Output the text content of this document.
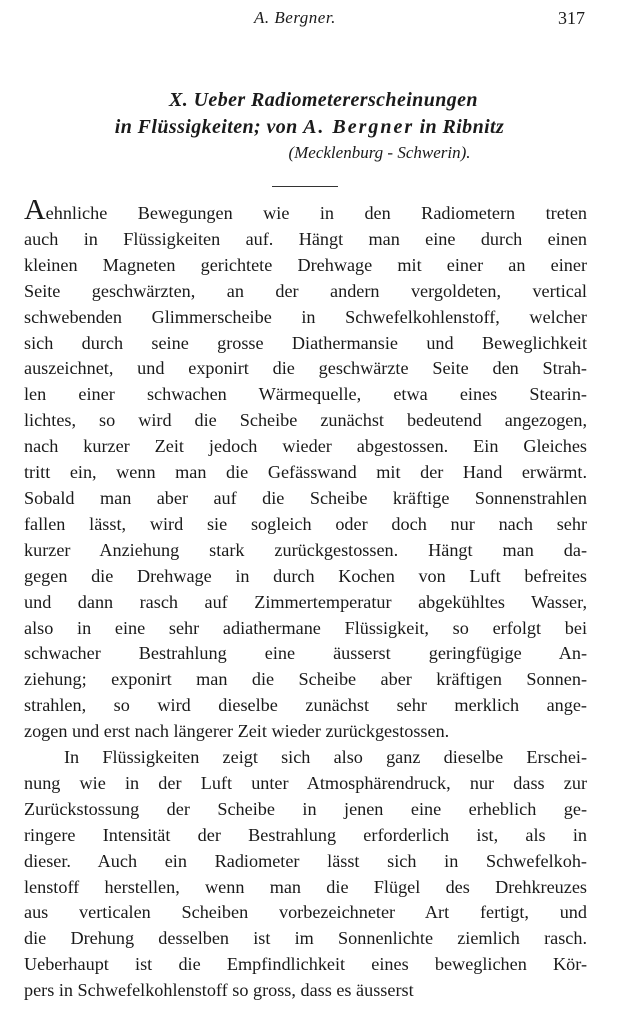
A. Bergner.	317
X. Ueber Radiometererscheinungen
in Flüssigkeiten; von A. Bergner in Ribnitz
(Mecklenburg - Schwerin).

Aehnliche Bewegungen wie in den Radiometern treten
auch in Flüssigkeiten auf. Hängt man eine durch einen
kleinen Magneten gerichtete Drehwage mit einer an einer
Seite geschwärzten, an der andern vergoldeten, vertical
schwebenden Glimmerscheibe in Schwefelkohlenstoff, welcher
sich durch seine grosse Diathermansie und Beweglichkeit
auszeichnet, und exponirt die geschwärzte Seite den Strah-
len einer schwachen Wärmequelle, etwa eines Stearin-
lichtes, so wird die Scheibe zunächst bedeutend angezogen,
nach kurzer Zeit jedoch wieder abgestossen. Ein Gleiches
tritt ein, wenn man die Gefässwand mit der Hand erwärmt.
Sobald man aber auf die Scheibe kräftige Sonnenstrahlen
fallen lässt, wird sie sogleich oder doch nur nach sehr
kurzer Anziehung stark zurückgestossen. Hängt man da-
gegen die Drehwage in durch Kochen von Luft befreites
und dann rasch auf Zimmertemperatur abgekühltes Wasser,
also in eine sehr adiathermane Flüssigkeit, so erfolgt bei
schwacher Bestrahlung eine äusserst geringfügige An-
ziehung; exponirt man die Scheibe aber kräftigen Sonnen-
strahlen, so wird dieselbe zunächst sehr merklich ange-
zogen und erst nach längerer Zeit wieder zurückgestossen.

In Flüssigkeiten zeigt sich also ganz dieselbe Erschei-
nung wie in der Luft unter Atmosphärendruck, nur dass zur
Zurückstossung der Scheibe in jenen eine erheblich ge-
ringere Intensität der Bestrahlung erforderlich ist, als in
dieser. Auch ein Radiometer lässt sich in Schwefelkoh-
lenstoff herstellen, wenn man die Flügel des Drehkreuzes
aus verticalen Scheiben vorbezeichneter Art fertigt, und
die Drehung desselben ist im Sonnenlichte ziemlich rasch.
Ueberhaupt ist die Empfindlichkeit eines beweglichen Kör-
pers in Schwefelkohlenstoff so gross, dass es äusserst
